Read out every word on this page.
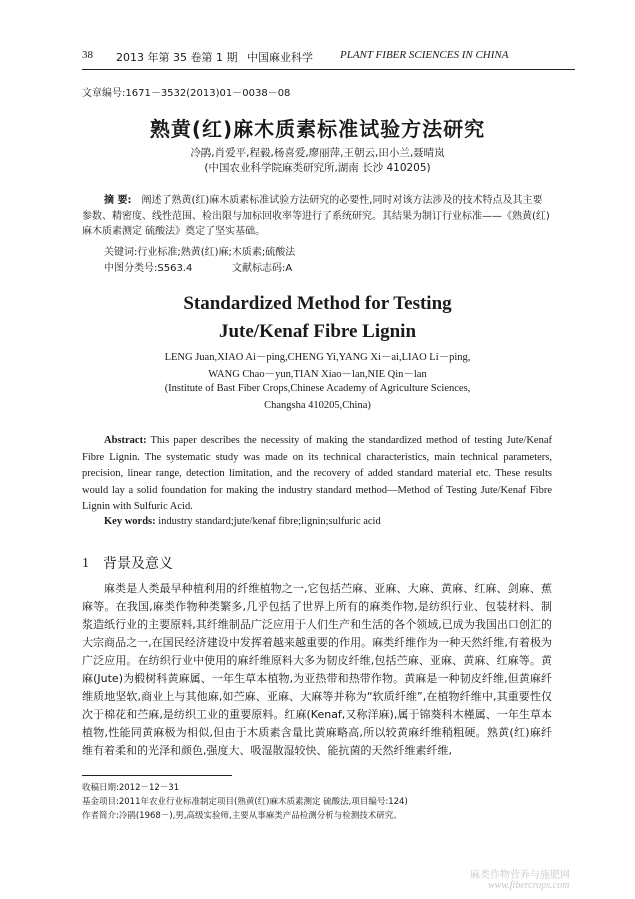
38 2013 年第 35 卷第 1 期 中国麻业科学 PLANT FIBER SCIENCES IN CHINA
文章编号:1671－3532(2013)01－0038－08
熟黄(红)麻木质素标准试验方法研究
冷鹃,肖爱平,程毅,杨喜爱,廖丽萍,王朝云,田小兰,聂晴岚
(中国农业科学院麻类研究所,湖南 长沙 410205)
摘 要: 阐述了熟黄(红)麻木质素标准试验方法研究的必要性,同时对该方法涉及的技术特点及其主要参数、精密度、线性范围、检出限与加标回收率等进行了系统研究。其结果为制订行业标准——《熟黄(红)麻木质素测定 硫酸法》奠定了坚实基础。
关键词:行业标准;熟黄(红)麻;木质素;硫酸法
中图分类号:S563.4	文献标志码:A
Standardized Method for Testing
Jute/Kenaf Fibre Lignin
LENG Juan,XIAO Ai－ping,CHENG Yi,YANG Xi－ai,LIAO Li－ping,
WANG Chao－yun,TIAN Xiao－lan,NIE Qin－lan
(Institute of Bast Fiber Crops,Chinese Academy of Agriculture Sciences,
Changsha 410205,China)
Abstract: This paper describes the necessity of making the standardized method of testing Jute/Kenaf Fibre Lignin. The systematic study was made on its technical characteristics, main technical parameters, precision, linear range, detection limitation, and the recovery of added standard material etc. These results would lay a solid foundation for making the industry standard method—Method of Testing Jute/Kenaf Fibre Lignin with Sulfuric Acid.
Key words: industry standard;jute/kenaf fibre;lignin;sulfuric acid
1 背景及意义

麻类是人类最早种植利用的纤维植物之一,它包括苎麻、亚麻、大麻、黄麻、红麻、剑麻、蕉麻等。在我国,麻类作物种类繁多,几乎包括了世界上所有的麻类作物,是纺织行业、包装材料、制浆造纸行业的主要原料,其纤维制品广泛应用于人们生产和生活的各个领域,已成为我国出口创汇的大宗商品之一,在国民经济建设中发挥着越来越重要的作用。麻类纤维作为一种天然纤维,有着极为广泛应用。在纺织行业中使用的麻纤维原料大多为韧皮纤维,包括苎麻、亚麻、黄麻、红麻等。黄麻(Jute)为椴树科黄麻属、一年生草本植物,为亚热带和热带作物。黄麻是一种韧皮纤维,但黄麻纤维质地坚软,商业上与其他麻,如苎麻、亚麻、大麻等并称为“软质纤维”,在植物纤维中,其重要性仅次于棉花和苎麻,是纺织工业的重要原料。红麻(Kenaf,又称洋麻),属于锦葵科木槿属、一年生草本植物,性能同黄麻极为相似,但由于木质素含量比黄麻略高,所以较黄麻纤维稍粗硬。熟黄(红)麻纤维有着柔和的光泽和颜色,强度大、吸湿散湿较快、能抗菌的天然纤维素纤维,

收稿日期:2012－12－31
基金项目:2011年农业行业标准制定项目(熟黄(红)麻木质素测定 硫酸法,项目编号:124)
作者简介:冷鹃(1968－),男,高级实验师,主要从事麻类产品检测分析与检测技术研究。
麻类作物营养与施肥网
www.fibercrops.com
